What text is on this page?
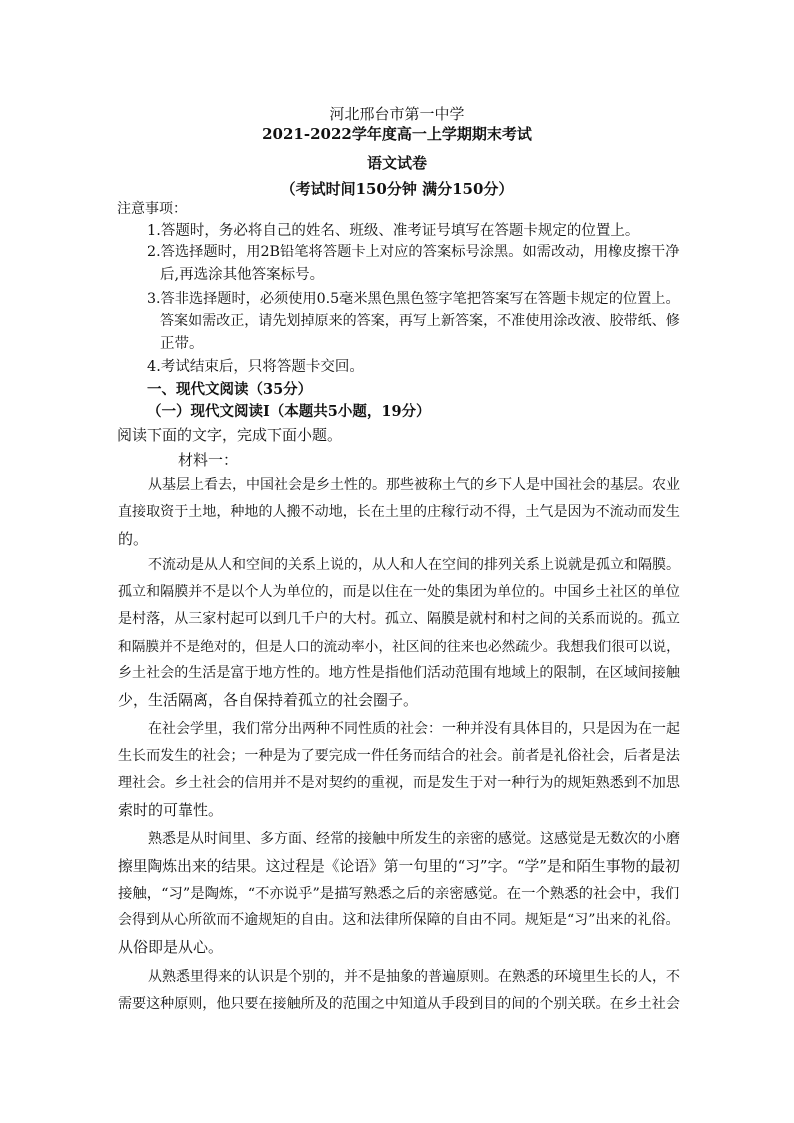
河北邢台市第一中学
2021-2022学年度高一上学期期末考试
语文试卷
（考试时间150分钟 满分150分）
注意事项：
1.答题时，务必将自己的姓名、班级、准考证号填写在答题卡规定的位置上。
2.答选择题时，用2B铅笔将答题卡上对应的答案标号涂黑。如需改动，用橡皮擦干净
后,再选涂其他答案标号。
3.答非选择题时，必须使用0.5毫米黑色黑色签字笔把答案写在答题卡规定的位置上。
答案如需改正，请先划掉原来的答案，再写上新答案，不准使用涂改液、胶带纸、修
正带。
4.考试结束后，只将答题卡交回。
一、现代文阅读（35分）
（一）现代文阅读Ⅰ（本题共5小题，19分）
阅读下面的文字，完成下面小题。
材料一：
从基层上看去，中国社会是乡土性的。那些被称土气的乡下人是中国社会的基层。农业
直接取资于土地，种地的人搬不动地，长在土里的庄稼行动不得，土气是因为不流动而发生
的。
不流动是从人和空间的关系上说的，从人和人在空间的排列关系上说就是孤立和隔膜。
孤立和隔膜并不是以个人为单位的，而是以住在一处的集团为单位的。中国乡土社区的单位
是村落，从三家村起可以到几千户的大村。孤立、隔膜是就村和村之间的关系而说的。孤立
和隔膜并不是绝对的，但是人口的流动率小，社区间的往来也必然疏少。我想我们很可以说，
乡土社会的生活是富于地方性的。地方性是指他们活动范围有地域上的限制，在区域间接触
少，生活隔离，各自保持着孤立的社会圈子。
在社会学里，我们常分出两种不同性质的社会：一种并没有具体目的，只是因为在一起
生长而发生的社会；一种是为了要完成一件任务而结合的社会。前者是礼俗社会，后者是法
理社会。乡土社会的信用并不是对契约的重视，而是发生于对一种行为的规矩熟悉到不加思
索时的可靠性。
熟悉是从时间里、多方面、经常的接触中所发生的亲密的感觉。这感觉是无数次的小磨
擦里陶炼出来的结果。这过程是《论语》第一句里的“习”字。“学”是和陌生事物的最初
接触，“习”是陶炼，“不亦说乎”是描写熟悉之后的亲密感觉。在一个熟悉的社会中，我们
会得到从心所欲而不逾规矩的自由。这和法律所保障的自由不同。规矩是“习”出来的礼俗。
从俗即是从心。
从熟悉里得来的认识是个别的，并不是抽象的普遍原则。在熟悉的环境里生长的人，不
需要这种原则，他只要在接触所及的范围之中知道从手段到目的间的个别关联。在乡土社会
